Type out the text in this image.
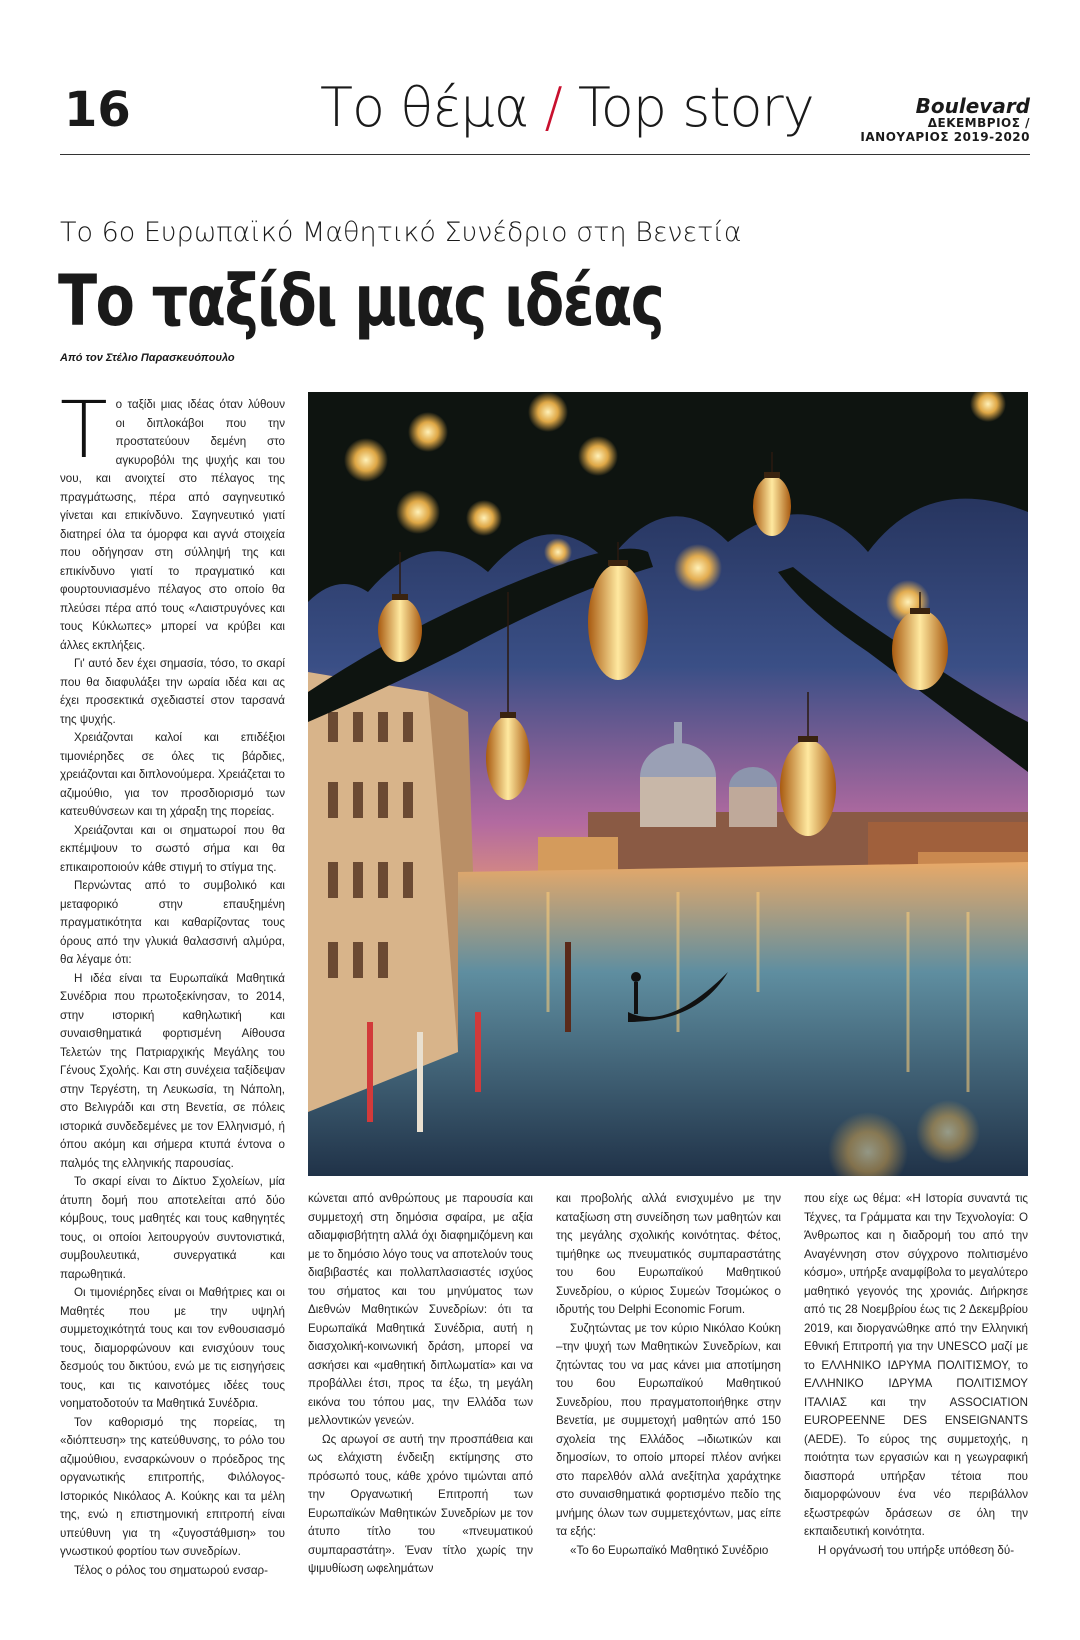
16	Το θέμα / Top story	Boulevard
ΔΕΚΕΜΒΡΙΟΣ /
ΙΑΝΟΥΑΡΙΟΣ 2019-2020
Το 6ο Ευρωπαϊκό Μαθητικό Συνέδριο στη Βενετία
Το ταξίδι μιας ιδέας
Από τον Στέλιο Παρασκευόπουλο

Το ταξίδι μιας ιδέας όταν λύθουν οι διπλοκάβοι που την προστατεύουν δεμένη στο αγκυροβόλι της ψυχής και του νου, και ανοιχτεί στο πέλαγος της πραγμάτωσης, πέρα από σαγηνευτικό γίνεται και επικίνδυνο. Σαγηνευτικό γιατί διατηρεί όλα τα όμορφα και αγνά στοιχεία που οδήγησαν στη σύλληψή της και επικίνδυνο γιατί το πραγματικό και φουρτουνιασμένο πέλαγος στο οποίο θα πλεύσει πέρα από τους «Λαιστρυγόνες και τους Κύκλωπες» μπορεί να κρύβει και άλλες εκπλήξεις.

Γι' αυτό δεν έχει σημασία, τόσο, το σκαρί που θα διαφυλάξει την ωραία ιδέα και ας έχει προσεκτικά σχεδιαστεί στον ταρσανά της ψυχής.

Χρειάζονται καλοί και επιδέξιοι τιμονιέρηδες σε όλες τις βάρδιες, χρειάζονται και διπλονούμερα. Χρειάζεται το αζιμούθιο, για τον προσδιορισμό των κατευθύνσεων και τη χάραξη της πορείας.

Χρειάζονται και οι σηματωροί που θα εκπέμψουν το σωστό σήμα και θα επικαιροποιούν κάθε στιγμή το στίγμα της.

Περνώντας από το συμβολικό και μεταφορικό στην επαυξημένη πραγματικότητα και καθαρίζοντας τους όρους από την γλυκιά θαλασσινή αλμύρα, θα λέγαμε ότι:

Η ιδέα είναι τα Ευρωπαϊκά Μαθητικά Συνέδρια που πρωτοξεκίνησαν, το 2014, στην ιστορική καθηλωτική και συναισθηματικά φορτισμένη Αίθουσα Τελετών της Πατριαρχικής Μεγάλης του Γένους Σχολής. Και στη συνέχεια ταξίδεψαν στην Τεργέστη, τη Λευκωσία, τη Νάπολη, στο Βελιγράδι και στη Βενετία, σε πόλεις ιστορικά συνδεδεμένες με τον Ελληνισμό, ή όπου ακόμη και σήμερα κτυπά έντονα ο παλμός της ελληνικής παρουσίας.

Το σκαρί είναι το Δίκτυο Σχολείων, μία άτυπη δομή που αποτελείται από δύο κόμβους, τους μαθητές και τους καθηγητές τους, οι οποίοι λειτουργούν συντονιστικά, συμβουλευτικά, συνεργατικά και παρωθητικά.

Οι τιμονιέρηδες είναι οι Μαθήτριες και οι Μαθητές που με την υψηλή συμμετοχικότητά τους και τον ενθουσιασμό τους, διαμορφώνουν και ενισχύουν τους δεσμούς του δικτύου, ενώ με τις εισηγήσεις τους, και τις καινοτόμες ιδέες τους νοηματοδοτούν τα Μαθητικά Συνέδρια.

Τον καθορισμό της πορείας, τη «διόπτευση» της κατεύθυνσης, το ρόλο του αζιμούθιου, ενσαρκώνουν ο πρόεδρος της οργανωτικής επιτροπής, Φιλόλογος-Ιστορικός Νικόλαος Α. Κούκης και τα μέλη της, ενώ η επιστημονική επιτροπή είναι υπεύθυνη για τη «ζυγοστάθμιση» του γνωστικού φορτίου των συνεδρίων.

Τέλος ο ρόλος του σηματωρού ενσαρ-

κώνεται από ανθρώπους με παρουσία και συμμετοχή στη δημόσια σφαίρα, με αξία αδιαμφισβήτητη αλλά όχι διαφημιζόμενη και με το δημόσιο λόγο τους να αποτελούν τους διαβιβαστές και πολλαπλασιαστές ισχύος του σήματος και του μηνύματος των Διεθνών Μαθητικών Συνεδρίων: ότι τα Ευρωπαϊκά Μαθητικά Συνέδρια, αυτή η διασχολική-κοινωνική δράση, μπορεί να ασκήσει και «μαθητική διπλωματία» και να προβάλλει έτσι, προς τα έξω, τη μεγάλη εικόνα του τόπου μας, την Ελλάδα των μελλοντικών γενεών.

Ως αρωγοί σε αυτή την προσπάθεια και ως ελάχιστη ένδειξη εκτίμησης στο πρόσωπό τους, κάθε χρόνο τιμώνται από την Οργανωτική Επιτροπή των Ευρωπαϊκών Μαθητικών Συνεδρίων με τον άτυπο τίτλο του «πνευματικού συμπαραστάτη». Έναν τίτλο χωρίς την ψιμυθίωση ωφελημάτων

και προβολής αλλά ενισχυμένο με την καταξίωση στη συνείδηση των μαθητών και της μεγάλης σχολικής κοινότητας. Φέτος, τιμήθηκε ως πνευματικός συμπαραστάτης του 6ου Ευρωπαϊκού Μαθητικού Συνεδρίου, ο κύριος Συμεών Τσομώκος ο ιδρυτής του Delphi Economic Forum.

Συζητώντας με τον κύριο Νικόλαο Κούκη –την ψυχή των Μαθητικών Συνεδρίων, και ζητώντας του να μας κάνει μια αποτίμηση του 6ου Ευρωπαϊκού Μαθητικού Συνεδρίου, που πραγματοποιήθηκε στην Βενετία, με συμμετοχή μαθητών από 150 σχολεία της Ελλάδος –ιδιωτικών και δημοσίων, το οποίο μπορεί πλέον ανήκει στο παρελθόν αλλά ανεξίτηλα χαράχτηκε στο συναισθηματικά φορτισμένο πεδίο της μνήμης όλων των συμμετεχόντων, μας είπε τα εξής:

«Το 6ο Ευρωπαϊκό Μαθητικό Συνέδριο

που είχε ως θέμα: «Η Ιστορία συναντά τις Τέχνες, τα Γράμματα και την Τεχνολογία: Ο Άνθρωπος και η διαδρομή του από την Αναγέννηση στον σύγχρονο πολιτισμένο κόσμο», υπήρξε αναμφίβολα το μεγαλύτερο μαθητικό γεγονός της χρονιάς. Διήρκησε από τις 28 Νοεμβρίου έως τις 2 Δεκεμβρίου 2019, και διοργανώθηκε από την Ελληνική Εθνική Επιτροπή για την UNESCO μαζί με το ΕΛΛΗΝΙΚΟ ΙΔΡΥΜΑ ΠΟΛΙΤΙΣΜΟΥ, το ΕΛΛΗΝΙΚΟ ΙΔΡΥΜΑ ΠΟΛΙΤΙΣΜΟΥ ΙΤΑΛΙΑΣ και την ASSOCIATION EUROPEENNE DES ENSEIGNANTS (AEDE). Το εύρος της συμμετοχής, η ποιότητα των εργασιών και η γεωγραφική διασπορά υπήρξαν τέτοια που διαμορφώνουν ένα νέο περιβάλλον εξωστρεφών δράσεων σε όλη την εκπαιδευτική κοινότητα.

Η οργάνωσή του υπήρξε υπόθεση δύ-
